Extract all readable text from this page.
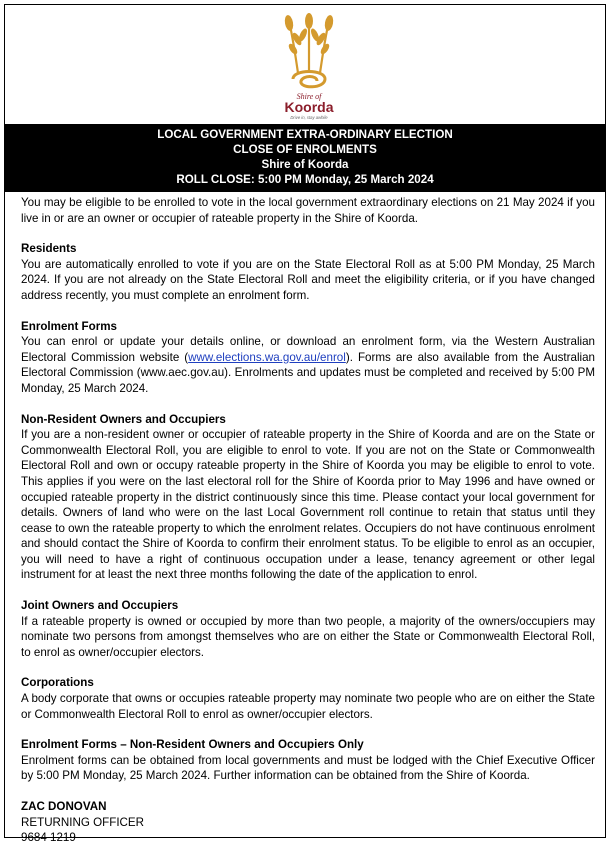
Shire of
Koorda
Drive in, stay awhile
LOCAL GOVERNMENT EXTRA-ORDINARY ELECTION
CLOSE OF ENROLMENTS
Shire of Koorda
ROLL CLOSE: 5:00 PM Monday, 25 March 2024

You may be eligible to be enrolled to vote in the local government extraordinary elections on 21 May 2024 if you live in or are an owner or occupier of rateable property in the Shire of Koorda.

Residents

You are automatically enrolled to vote if you are on the State Electoral Roll as at 5:00 PM Monday, 25 March 2024. If you are not already on the State Electoral Roll and meet the eligibility criteria, or if you have changed address recently, you must complete an enrolment form.

Enrolment Forms

You can enrol or update your details online, or download an enrolment form, via the Western Australian Electoral Commission website (www.elections.wa.gov.au/enrol). Forms are also available from the Australian Electoral Commission (www.aec.gov.au). Enrolments and updates must be completed and received by 5:00 PM Monday, 25 March 2024.

Non-Resident Owners and Occupiers

If you are a non-resident owner or occupier of rateable property in the Shire of Koorda and are on the State or Commonwealth Electoral Roll, you are eligible to enrol to vote. If you are not on the State or Commonwealth Electoral Roll and own or occupy rateable property in the Shire of Koorda you may be eligible to enrol to vote. This applies if you were on the last electoral roll for the Shire of Koorda prior to May 1996 and have owned or occupied rateable property in the district continuously since this time. Please contact your local government for details. Owners of land who were on the last Local Government roll continue to retain that status until they cease to own the rateable property to which the enrolment relates. Occupiers do not have continuous enrolment and should contact the Shire of Koorda to confirm their enrolment status. To be eligible to enrol as an occupier, you will need to have a right of continuous occupation under a lease, tenancy agreement or other legal instrument for at least the next three months following the date of the application to enrol.

Joint Owners and Occupiers

If a rateable property is owned or occupied by more than two people, a majority of the owners/occupiers may nominate two persons from amongst themselves who are on either the State or Commonwealth Electoral Roll, to enrol as owner/occupier electors.

Corporations

A body corporate that owns or occupies rateable property may nominate two people who are on either the State or Commonwealth Electoral Roll to enrol as owner/occupier electors.

Enrolment Forms – Non-Resident Owners and Occupiers Only

Enrolment forms can be obtained from local governments and must be lodged with the Chief Executive Officer by 5:00 PM Monday, 25 March 2024. Further information can be obtained from the Shire of Koorda.

ZAC DONOVAN
RETURNING OFFICER
9684 1219
